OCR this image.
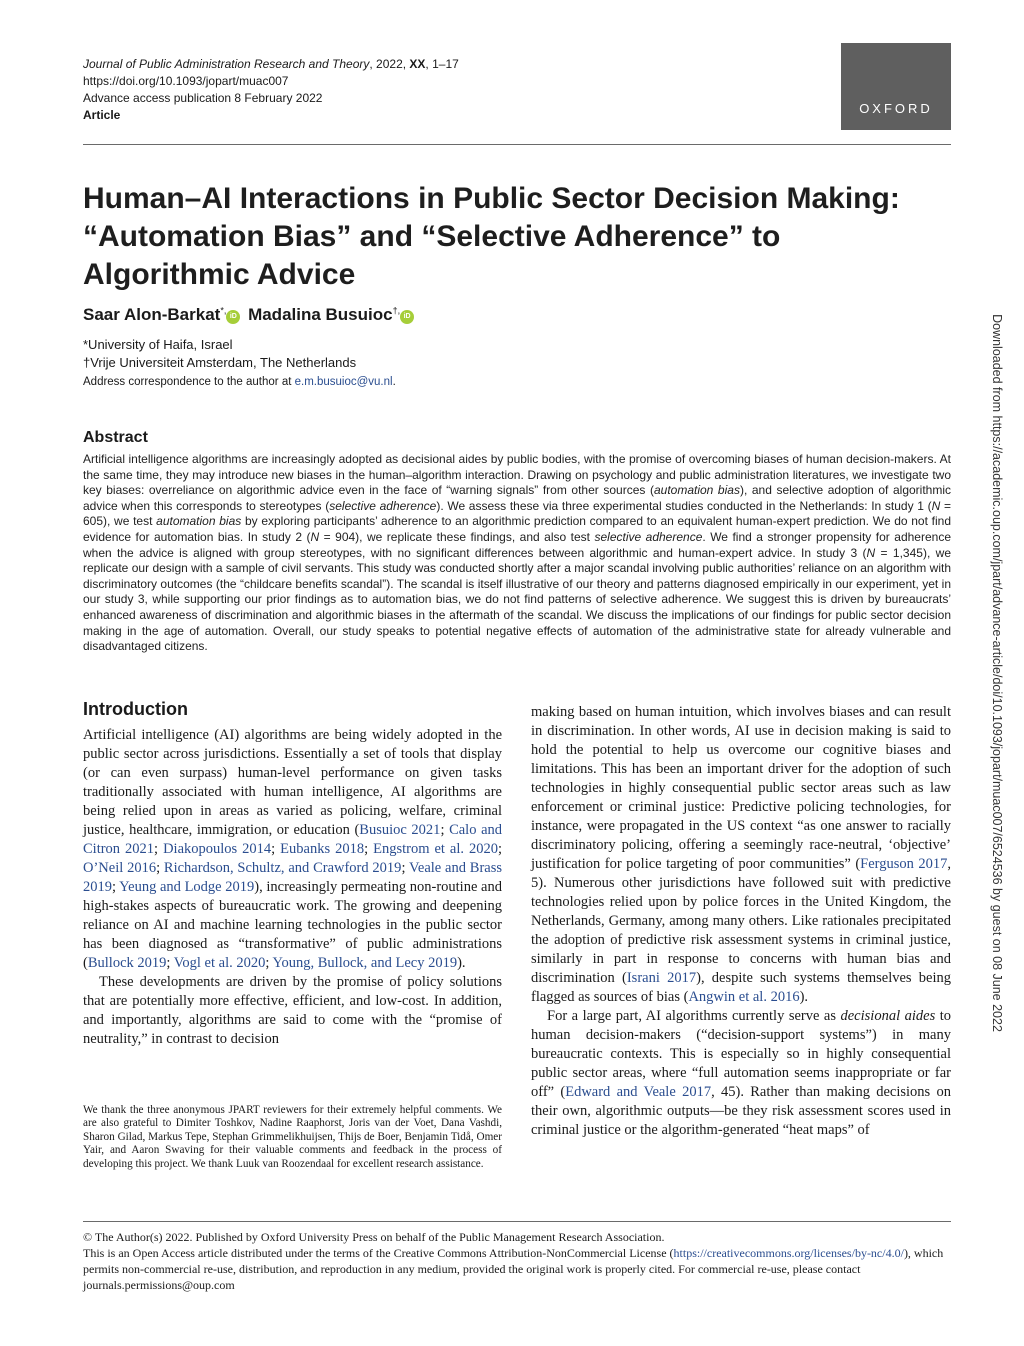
Journal of Public Administration Research and Theory, 2022, XX, 1–17
https://doi.org/10.1093/jopart/muac007
Advance access publication 8 February 2022
Article	OXFORD
Human–AI Interactions in Public Sector Decision Making: “Automation Bias” and “Selective Adherence” to Algorithmic Advice
Saar Alon-Barkat*,iD Madalina Busuioc†,iD
*University of Haifa, Israel
†Vrije Universiteit Amsterdam, The Netherlands
Address correspondence to the author at e.m.busuioc@vu.nl.
Abstract

Artificial intelligence algorithms are increasingly adopted as decisional aides by public bodies, with the promise of overcoming biases of human decision-makers. At the same time, they may introduce new biases in the human–algorithm interaction. Drawing on psychology and public administration literatures, we investigate two key biases: overreliance on algorithmic advice even in the face of “warning signals” from other sources (automation bias), and selective adoption of algorithmic advice when this corresponds to stereotypes (selective adherence). We assess these via three experimental studies conducted in the Netherlands: In study 1 (N = 605), we test automation bias by exploring participants’ adherence to an algorithmic prediction compared to an equivalent human-expert prediction. We do not find evidence for automation bias. In study 2 (N = 904), we replicate these findings, and also test selective adherence. We find a stronger propensity for adherence when the advice is aligned with group stereotypes, with no significant differences between algorithmic and human-expert advice. In study 3 (N = 1,345), we replicate our design with a sample of civil servants. This study was conducted shortly after a major scandal involving public authorities’ reliance on an algorithm with discriminatory outcomes (the “childcare benefits scandal”). The scandal is itself illustrative of our theory and patterns diagnosed empirically in our experiment, yet in our study 3, while supporting our prior findings as to automation bias, we do not find patterns of selective adherence. We suggest this is driven by bureaucrats’ enhanced awareness of discrimination and algorithmic biases in the aftermath of the scandal. We discuss the implications of our findings for public sector decision making in the age of automation. Overall, our study speaks to potential negative effects of automation of the administrative state for already vulnerable and disadvantaged citizens.

Introduction

Artificial intelligence (AI) algorithms are being widely adopted in the public sector across jurisdictions. Essentially a set of tools that display (or can even surpass) human-level performance on given tasks traditionally associated with human intelligence, AI algorithms are being relied upon in areas as varied as policing, welfare, criminal justice, healthcare, immigration, or education (Busuioc 2021; Calo and Citron 2021; Diakopoulos 2014; Eubanks 2018; Engstrom et al. 2020; O’Neil 2016; Richardson, Schultz, and Crawford 2019; Veale and Brass 2019; Yeung and Lodge 2019), increasingly permeating non-routine and high-stakes aspects of bureaucratic work. The growing and deepening reliance on AI and machine learning technologies in the public sector has been diagnosed as “transformative” of public administrations (Bullock 2019; Vogl et al. 2020; Young, Bullock, and Lecy 2019).

These developments are driven by the promise of policy solutions that are potentially more effective, efficient, and low-cost. In addition, and importantly, algorithms are said to come with the “promise of neutrality,” in contrast to decision

We thank the three anonymous JPART reviewers for their extremely helpful comments. We are also grateful to Dimiter Toshkov, Nadine Raaphorst, Joris van der Voet, Dana Vashdi, Sharon Gilad, Markus Tepe, Stephan Grimmelikhuijsen, Thijs de Boer, Benjamin Tidå, Omer Yair, and Aaron Swaving for their valuable comments and feedback in the process of developing this project. We thank Luuk van Roozendaal for excellent research assistance.

making based on human intuition, which involves biases and can result in discrimination. In other words, AI use in decision making is said to hold the potential to help us overcome our cognitive biases and limitations. This has been an important driver for the adoption of such technologies in highly consequential public sector areas such as law enforcement or criminal justice: Predictive policing technologies, for instance, were propagated in the US context “as one answer to racially discriminatory policing, offering a seemingly race-neutral, ‘objective’ justification for police targeting of poor communities” (Ferguson 2017, 5). Numerous other jurisdictions have followed suit with predictive technologies relied upon by police forces in the United Kingdom, the Netherlands, Germany, among many others. Like rationales precipitated the adoption of predictive risk assessment systems in criminal justice, similarly in part in response to concerns with human bias and discrimination (Israni 2017), despite such systems themselves being flagged as sources of bias (Angwin et al. 2016).

For a large part, AI algorithms currently serve as decisional aides to human decision-makers (“decision-support systems”) in many bureaucratic contexts. This is especially so in highly consequential public sector areas, where “full automation seems inappropriate or far off” (Edward and Veale 2017, 45). Rather than making decisions on their own, algorithmic outputs—be they risk assessment scores used in criminal justice or the algorithm-generated “heat maps” of

© The Author(s) 2022. Published by Oxford University Press on behalf of the Public Management Research Association.
This is an Open Access article distributed under the terms of the Creative Commons Attribution-NonCommercial License (https://creativecommons.org/licenses/by-nc/4.0/), which permits non-commercial re-use, distribution, and reproduction in any medium, provided the original work is properly cited. For commercial re-use, please contact journals.permissions@oup.com

Downloaded from https://academic.oup.com/jpart/advance-article/doi/10.1093/jopart/muac007/6524536 by guest on 08 June 2022
